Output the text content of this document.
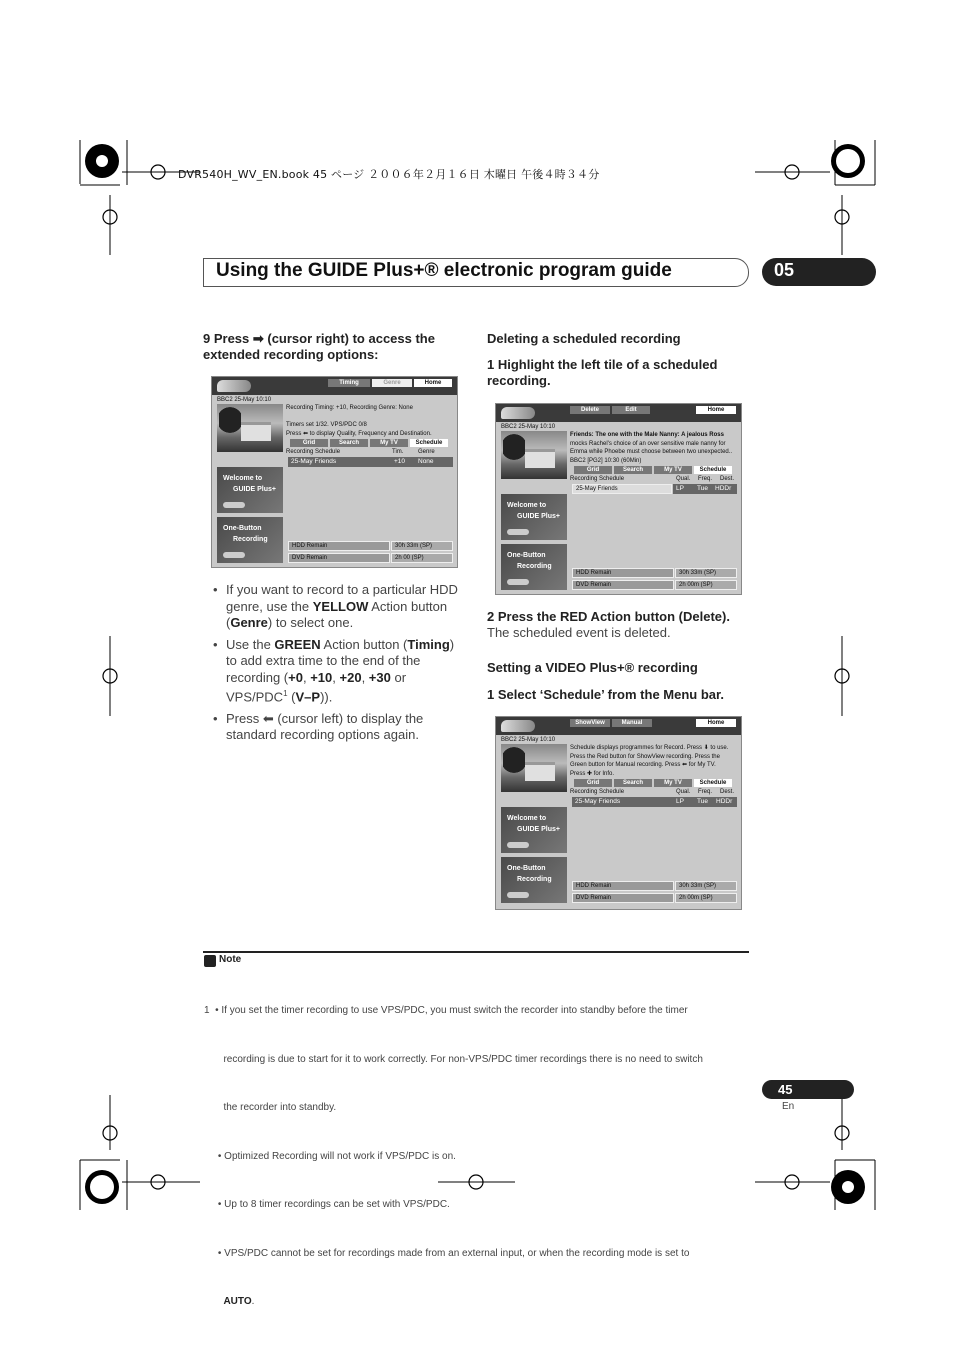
DVR540H_WV_EN.book 45 ページ ２００６年２月１６日 木曜日 午後４時３４分
Using the GUIDE Plus+® electronic program guide	05
9 Press ➡ (cursor right) to access the extended recording options:
Timing	Genre	Home
BBC2 25-May 10:10
Recording Timing: +10, Recording Genre: None

Timers set 1/32. VPS/PDC 0/8
Press ⬅ to display Quality, Frequency and Destination.
Grid	Search	My TV	Schedule
Recording Schedule	Tim. Genre
25-May Friends	+10 None
Welcome to
GUIDE Plus+
One-Button
Recording
HDD Remain	30h 33m (SP)
DVD Remain	2h 00 (SP)
• If you want to record to a particular HDD genre, use the YELLOW Action button (Genre) to select one.
• Use the GREEN Action button (Timing) to add extra time to the end of the recording (+0, +10, +20, +30 or VPS/PDC$^1$ (V–P)).
• Press ⬅ (cursor left) to display the standard recording options again.
Deleting a scheduled recording
1 Highlight the left tile of a scheduled recording.
Delete	Edit	Home
BBC2 25-May 10:10
Friends: The one with the Male Nanny: A jealous Ross
mocks Rachel's choice of an over sensitive male nanny for
Emma while Phoebe must choose between two unexpected..
BBC2 [PG2] 10:30 (60Min)
Grid	Search	My TV	Schedule
Recording Schedule	Qual. Freq. Dest.
25-May Friends	LP Tue HDDr
Welcome to
GUIDE Plus+
One-Button
Recording
HDD Remain	30h 33m (SP)
DVD Remain	2h 00m (SP)
2 Press the RED Action button (Delete).
The scheduled event is deleted.
Setting a VIDEO Plus+® recording
1 Select ‘Schedule’ from the Menu bar.
ShowView	Manual	Home
BBC2 25-May 10:10
Schedule displays programmes for Record. Press ⬇ to use.
Press the Red button for ShowView recording. Press the
Green button for Manual recording. Press ⬅ for My TV.
Press ✚ for Info.
Grid	Search	My TV	Schedule
Recording Schedule	Qual. Freq. Dest.
25-May Friends	LP Tue HDDr
Welcome to
GUIDE Plus+
One-Button
Recording
HDD Remain	30h 33m (SP)
DVD Remain	2h 00m (SP)
Note

1  • If you set the timer recording to use VPS/PDC, you must switch the recorder into standby before the timer

recording is due to start for it to work correctly. For non-VPS/PDC timer recordings there is no need to switch

the recorder into standby.

• Optimized Recording will not work if VPS/PDC is on.

• Up to 8 timer recordings can be set with VPS/PDC.

• VPS/PDC cannot be set for recordings made from an external input, or when the recording mode is set to

AUTO.

45
En
